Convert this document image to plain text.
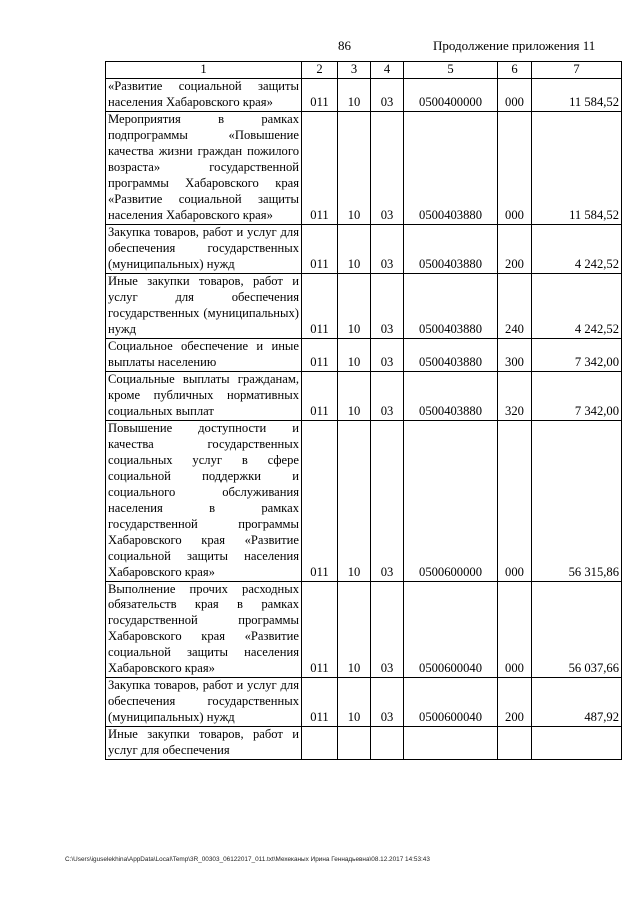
86	Продолжение приложения 11
1	2	3	4	5	6	7
«Развитие социальной защиты населения Хабаровского края»	011	10	03	0500400000	000	11 584,52
Мероприятия в рамках подпрограммы «Повышение качества жизни граждан пожилого возраста» государственной программы Хабаровского края «Развитие социальной защиты населения Хабаровского края»	011	10	03	0500403880	000	11 584,52
Закупка товаров, работ и услуг для обеспечения государственных (муниципальных) нужд	011	10	03	0500403880	200	4 242,52
Иные закупки товаров, работ и услуг для обеспечения государственных (муниципальных) нужд	011	10	03	0500403880	240	4 242,52
Социальное обеспечение и иные выплаты населению	011	10	03	0500403880	300	7 342,00
Социальные выплаты гражданам, кроме публичных нормативных социальных выплат	011	10	03	0500403880	320	7 342,00
Повышение доступности и качества государственных социальных услуг в сфере социальной поддержки и социального обслуживания населения в рамках государственной программы Хабаровского края «Развитие социальной защиты населения Хабаровского края»	011	10	03	0500600000	000	56 315,86
Выполнение прочих расходных обязательств края в рамках государственной программы Хабаровского края «Развитие социальной защиты населения Хабаровского края»	011	10	03	0500600040	000	56 037,66
Закупка товаров, работ и услуг для обеспечения государственных (муниципальных) нужд	011	10	03	0500600040	200	487,92
Иные закупки товаров, работ и услуг для обеспечения						
C:\Users\iguselekhina\AppData\Local\Temp\3R_00303_06122017_011.txt\Мехеканых Ирина Геннадьевна\08.12.2017 14:53:43
